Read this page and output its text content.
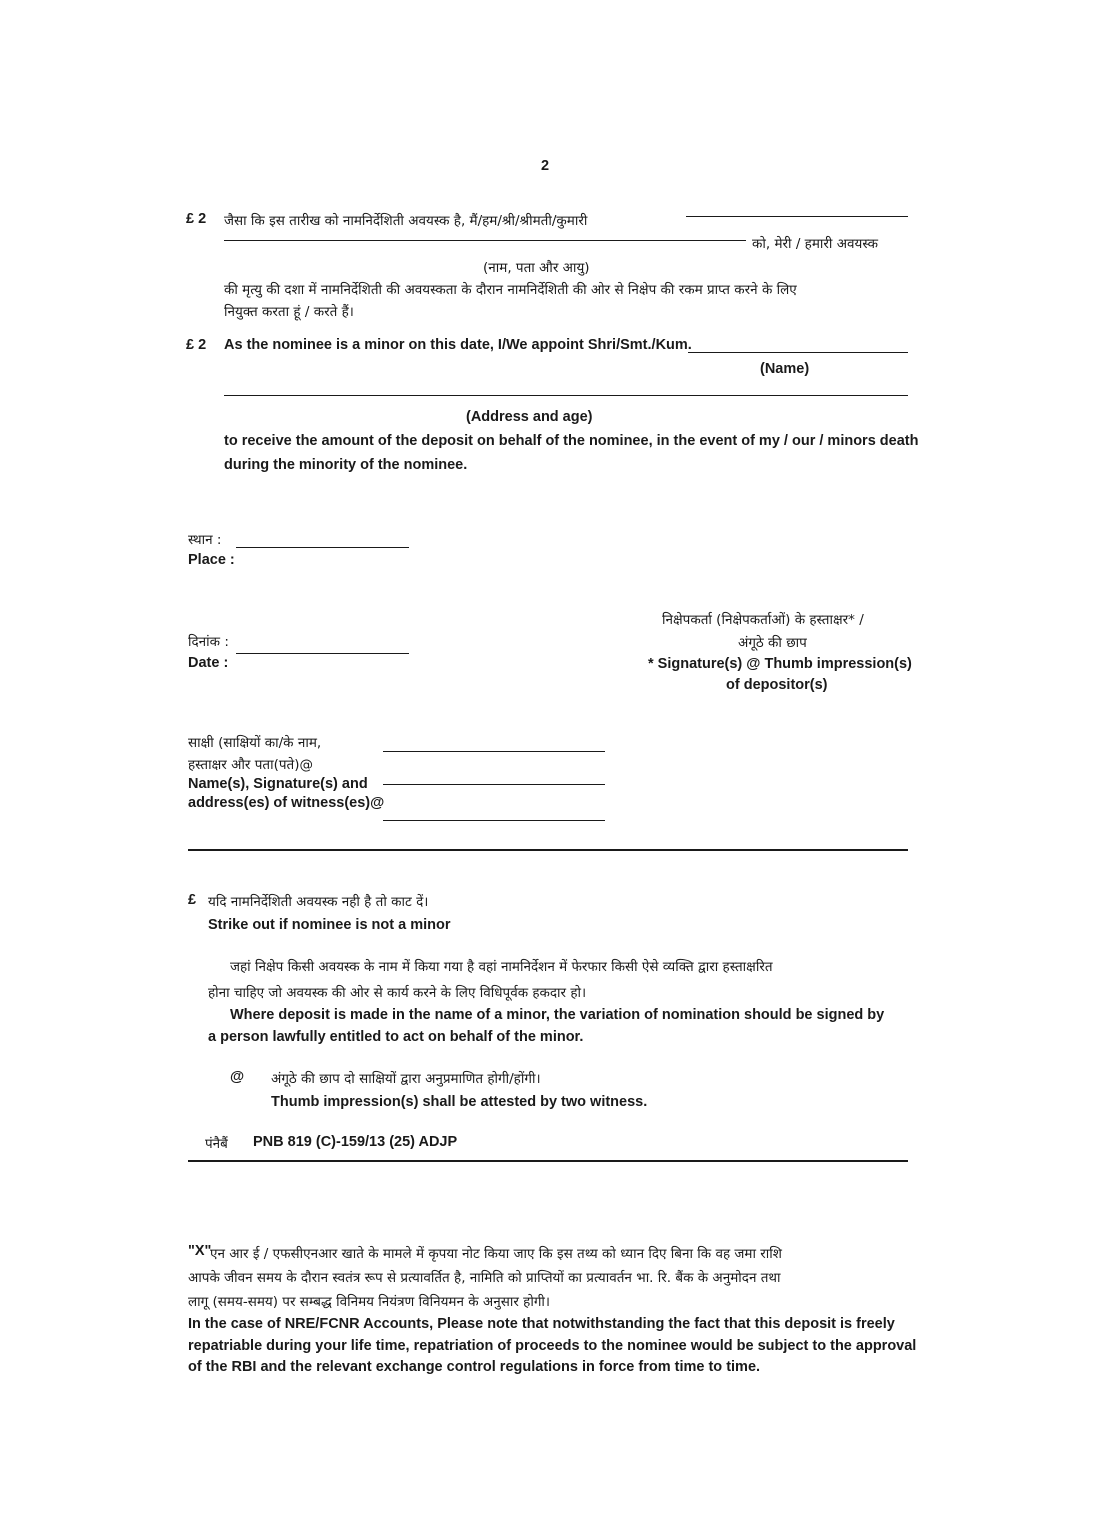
2
£ 2 जैसा कि इस तारीख को नामनिर्देशिती अवयस्क है, मैं/हम/श्री/श्रीमती/कुमारी
को, मेरी / हमारी अवयस्क
(नाम, पता और आयु)
की मृत्यु की दशा में नामनिर्देशिती की अवयस्कता के दौरान नामनिर्देशिती की ओर से निक्षेप की रकम प्राप्त करने के लिए
नियुक्त करता हूं / करते हैं।
£ 2 As the nominee is a minor on this date, I/We appoint Shri/Smt./Kum.
(Name)
(Address and age)
to receive the amount of the deposit on behalf of the nominee, in the event of my / our / minors death
during the minority of the nominee.
स्थान :
Place :
निक्षेपकर्ता (निक्षेपकर्ताओं) के हस्ताक्षर* /
अंगूठे की छाप
* Signature(s) @ Thumb impression(s)
of depositor(s)
दिनांक :
Date :
साक्षी (साक्षियों का/के नाम,
हस्ताक्षर और पता(पते)@
Name(s), Signature(s) and
address(es) of witness(es)@
£ यदि नामनिर्देशिती अवयस्क नही है तो काट दें।
Strike out if nominee is not a minor
जहां निक्षेप किसी अवयस्क के नाम में किया गया है वहां नामनिर्देशन में फेरफार किसी ऐसे व्यक्ति द्वारा हस्ताक्षरित
होना चाहिए जो अवयस्क की ओर से कार्य करने के लिए विधिपूर्वक हकदार हो।
Where deposit is made in the name of a minor, the variation of nomination should be signed by
a person lawfully entitled to act on behalf of the minor.
@ अंगूठे की छाप दो साक्षियों द्वारा अनुप्रमाणित होगी/होंगी।
Thumb impression(s) shall be attested by two witness.
पंनैबैं PNB 819 (C)-159/13 (25) ADJP
"X"
एन आर ई / एफसीएनआर खाते के मामले में कृपया नोट किया जाए कि इस तथ्य को ध्यान दिए बिना कि वह जमा राशि
आपके जीवन समय के दौरान स्वतंत्र रूप से प्रत्यावर्तित है, नामिति को प्राप्तियों का प्रत्यावर्तन भा. रि. बैंक के अनुमोदन तथा
लागू (समय-समय) पर सम्बद्ध विनिमय नियंत्रण विनियमन के अनुसार होगी।
In the case of NRE/FCNR Accounts, Please note that notwithstanding the fact that this deposit is freely
repatriable during your life time, repatriation of proceeds to the nominee would be subject to the approval
of the RBI and the relevant exchange control regulations in force from time to time.
